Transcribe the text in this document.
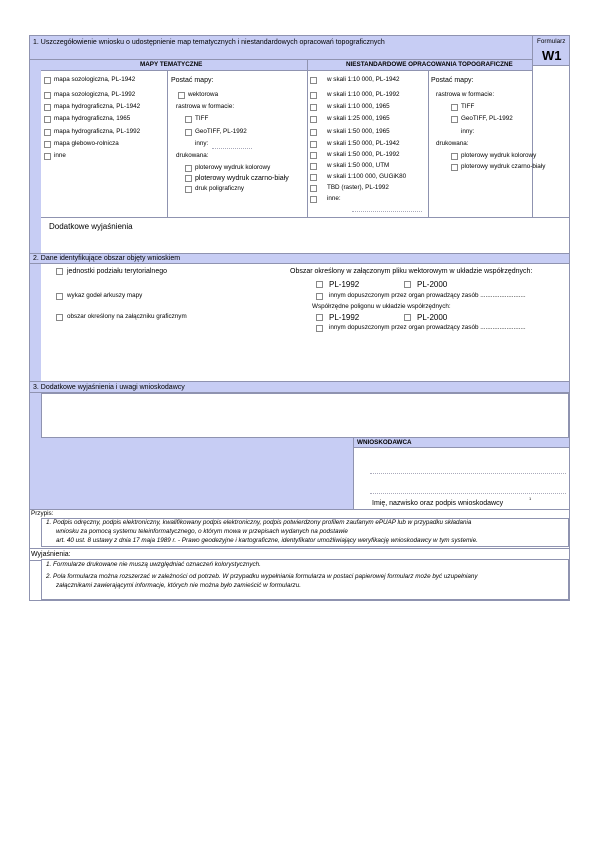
1. Uszczegółowienie wniosku o udostępnienie map tematycznych i niestandardowych opracowań topograficznych	Formularz
W1
MAPY TEMATYCZNE	NIESTANDARDOWE OPRACOWANIA TOPOGRAFICZNE
mapa sozologiczna, PL-1942
mapa sozologiczna, PL-1992
mapa hydrograficzna, PL-1942
mapa hydrograficzna, 1965
mapa hydrograficzna, PL-1992
mapa glebowo-rolnicza
inne
Postać mapy:
wektorowa
rastrowa w formacie:
TIFF
GeoTIFF, PL-1992
inny:
drukowana:
ploterowy wydruk kolorowy
ploterowy wydruk czarno-biały
druk poligraficzny
w skali 1:10 000, PL-1942
w skali 1:10 000, PL-1992
w skali 1:10 000, 1965
w skali 1:25 000, 1965
w skali 1:50 000, 1965
w skali 1:50 000, PL-1942
w skali 1:50 000, PL-1992
w skali 1:50 000, UTM
w skali 1:100 000, GUGiK80
TBD (raster), PL-1992
inne:
Postać mapy:
rastrowa w formacie:
TIFF
GeoTIFF, PL-1992
inny:
drukowana:
ploterowy wydruk kolorowy
ploterowy wydruk czarno-biały
Dodatkowe wyjaśnienia
2. Dane identyfikujące obszar objęty wnioskiem
jednostki podziału terytorialnego
wykaz godeł arkuszy mapy
obszar określony na załączniku graficznym
Obszar określony w załączonym pliku wektorowym w układzie współrzędnych:
PL-1992	PL-2000
innym dopuszczonym przez organ prowadzący zasób ..........................
Współrzędne poligonu w układzie współrzędnych:
PL-1992	PL-2000
innym dopuszczonym przez organ prowadzący zasób ..........................
3. Dodatkowe wyjaśnienia i uwagi wnioskodawcy
WNIOSKODAWCA
Imię, nazwisko oraz podpis wnioskodawcy
1
Przypis:
1. Podpis odręczny, podpis elektroniczny, kwalifikowany podpis elektroniczny, podpis potwierdzony profilem zaufanym ePUAP lub w przypadku składania
wniosku za pomocą systemu teleinformatycznego, o którym mowa w przepisach wydanych na podstawie
art. 40 ust. 8 ustawy z dnia 17 maja 1989 r. - Prawo geodezyjne i kartograficzne, identyfikator umożliwiający weryfikację wnioskodawcy w tym systemie.
Wyjaśnienia:
1. Formularze drukowane nie muszą uwzględniać oznaczeń kolorystycznych.
2. Pola formularza można rozszerzać w zależności od potrzeb. W przypadku wypełniania formularza w postaci papierowej formularz może być uzupełniany
załącznikami zawierającymi informacje, których nie można było zamieścić w formularzu.
